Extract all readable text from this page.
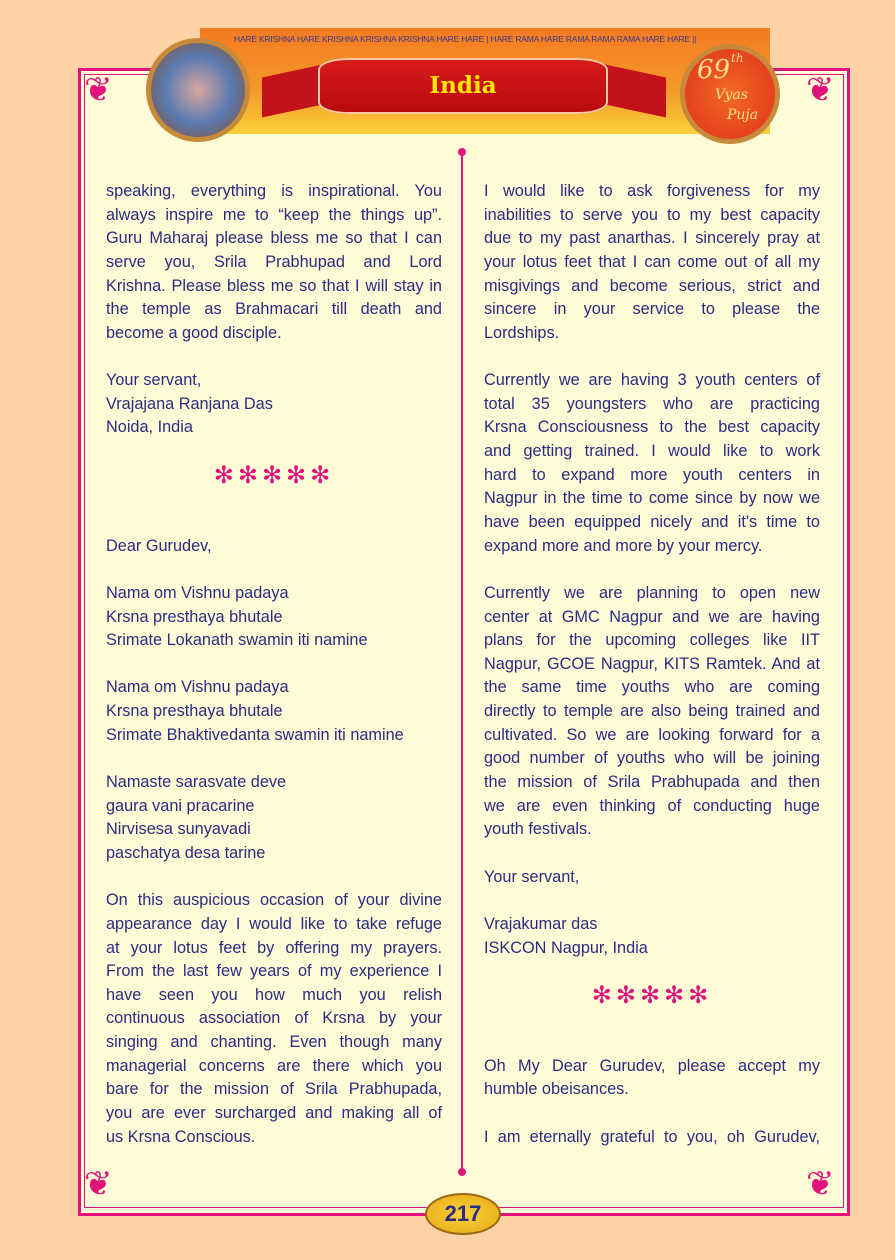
❦	❦
❦	❦
HARE KRISHNA HARE KRISHNA KRISHNA KRISHNA HARE HARE | HARE RAMA HARE RAMA RAMA RAMA HARE HARE ||
India
69 th
Vyas
Puja
speaking, everything is inspirational. You
always inspire me to “keep the things up”.
Guru Maharaj please bless me so that I can
serve you, Srila Prabhupad and Lord
Krishna. Please bless me so that I will stay in
the temple as Brahmacari till death and
become a good disciple.
Your servant,
Vrajajana Ranjana Das
Noida, India
✻✻✻✻✻
Dear Gurudev,
Nama om Vishnu padaya
Krsna presthaya bhutale
Srimate Lokanath swamin iti namine
Nama om Vishnu padaya
Krsna presthaya bhutale
Srimate Bhaktivedanta swamin iti namine
Namaste sarasvate deve
gaura vani pracarine
Nirvisesa sunyavadi
paschatya desa tarine
On this auspicious occasion of your divine
appearance day I would like to take refuge
at your lotus feet by offering my prayers.
From the last few years of my experience I
have seen you how much you relish
continuous association of Krsna by your
singing and chanting. Even though many
managerial concerns are there which you
bare for the mission of Srila Prabhupada,
you are ever surcharged and making all of
us Krsna Conscious.
I would like to ask forgiveness for my
inabilities to serve you to my best capacity
due to my past anarthas. I sincerely pray at
your lotus feet that I can come out of all my
misgivings and become serious, strict and
sincere in your service to please the
Lordships.
Currently we are having 3 youth centers of
total 35 youngsters who are practicing
Krsna Consciousness to the best capacity
and getting trained. I would like to work
hard to expand more youth centers in
Nagpur in the time to come since by now we
have been equipped nicely and it's time to
expand more and more by your mercy.
Currently we are planning to open new
center at GMC Nagpur and we are having
plans for the upcoming colleges like IIT
Nagpur, GCOE Nagpur, KITS Ramtek. And at
the same time youths who are coming
directly to temple are also being trained and
cultivated. So we are looking forward for a
good number of youths who will be joining
the mission of Srila Prabhupada and then
we are even thinking of conducting huge
youth festivals.
Your servant,
Vrajakumar das
ISKCON Nagpur, India
✻✻✻✻✻
Oh My Dear Gurudev, please accept my
humble obeisances.
I am eternally grateful to you, oh Gurudev,
217
